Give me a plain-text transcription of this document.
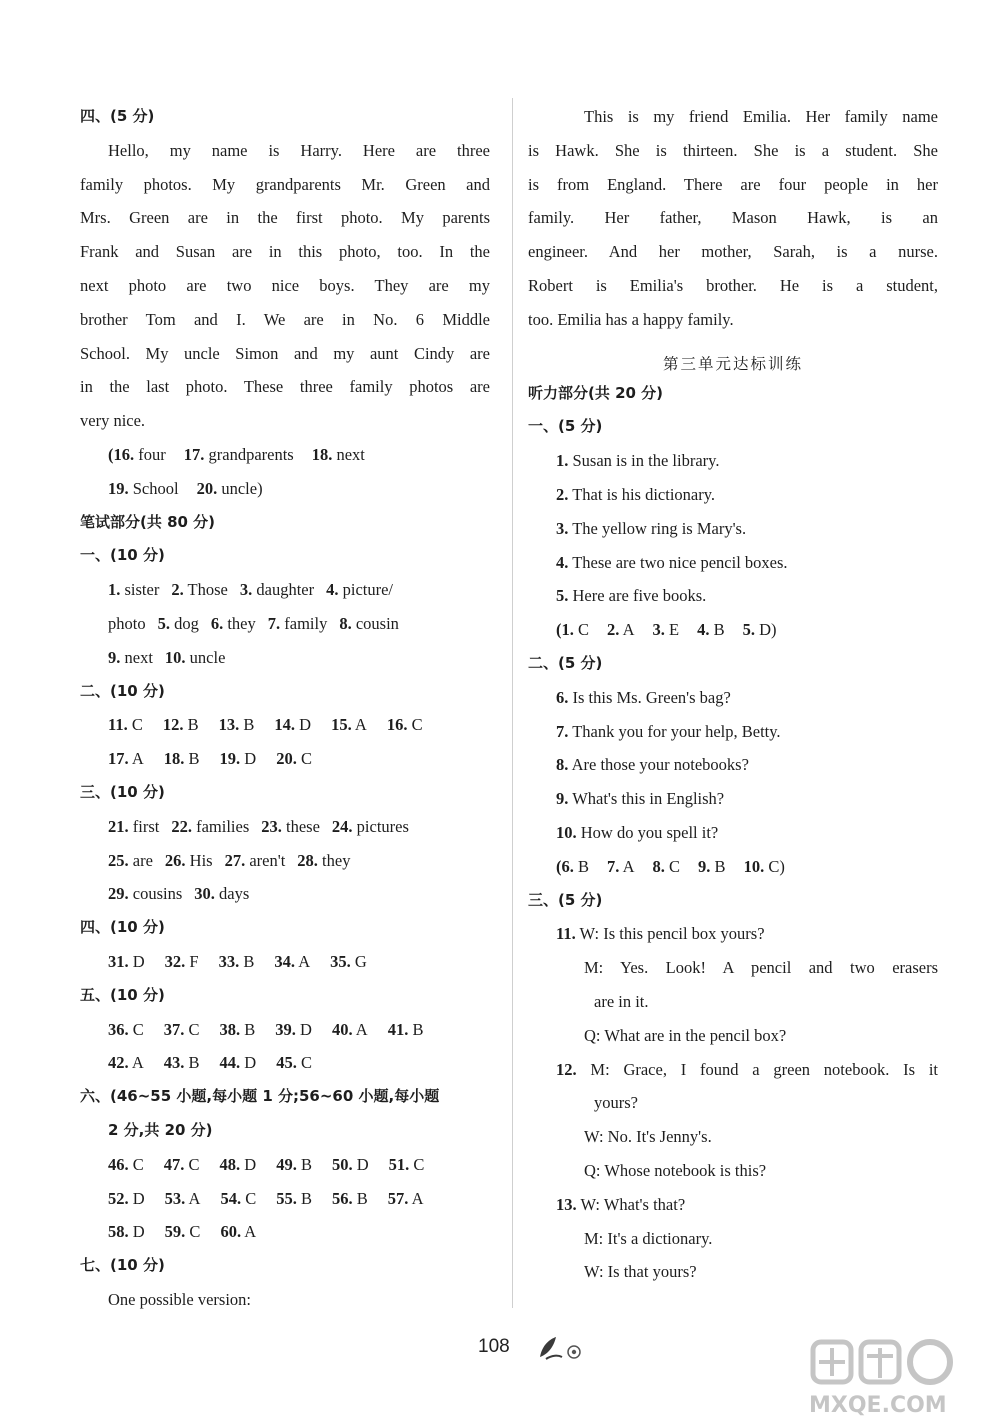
四、(5 分)
Hello, my name is Harry. Here are three
family photos. My grandparents Mr. Green and
Mrs. Green are in the first photo. My parents
Frank and Susan are in this photo, too. In the
next photo are two nice boys. They are my
brother Tom and I. We are in No. 6 Middle
School. My uncle Simon and my aunt Cindy are
in the last photo. These three family photos are
very nice.
(16. four 17. grandparents 18. next
19. School 20. uncle)
笔试部分(共 80 分)
一、(10 分)
1. sister 2. Those 3. daughter 4. picture/
photo 5. dog 6. they 7. family 8. cousin
9. next 10. uncle
二、(10 分)
11. C 12. B 13. B 14. D 15. A 16. C
17. A 18. B 19. D 20. C
三、(10 分)
21. first 22. families 23. these 24. pictures
25. are 26. His 27. aren't 28. they
29. cousins 30. days
四、(10 分)
31. D 32. F 33. B 34. A 35. G
五、(10 分)
36. C 37. C 38. B 39. D 40. A 41. B
42. A 43. B 44. D 45. C
六、(46~55 小题,每小题 1 分;56~60 小题,每小题
2 分,共 20 分)
46. C 47. C 48. D 49. B 50. D 51. C
52. D 53. A 54. C 55. B 56. B 57. A
58. D 59. C 60. A
七、(10 分)
One possible version:
This is my friend Emilia. Her family name
is Hawk. She is thirteen. She is a student. She
is from England. There are four people in her
family. Her father, Mason Hawk, is an
engineer. And her mother, Sarah, is a nurse.
Robert is Emilia's brother. He is a student,
too. Emilia has a happy family.
第三单元达标训练
听力部分(共 20 分)
一、(5 分)
1. Susan is in the library.
2. That is his dictionary.
3. The yellow ring is Mary's.
4. These are two nice pencil boxes.
5. Here are five books.
(1. C 2. A 3. E 4. B 5. D)
二、(5 分)
6. Is this Ms. Green's bag?
7. Thank you for your help, Betty.
8. Are those your notebooks?
9. What's this in English?
10. How do you spell it?
(6. B 7. A 8. C 9. B 10. C)
三、(5 分)
11. W: Is this pencil box yours?
M: Yes. Look! A pencil and two erasers
are in it.
Q: What are in the pencil box?
12. M: Grace, I found a green notebook. Is it
yours?
W: No. It's Jenny's.
Q: Whose notebook is this?
13. W: What's that?
M: It's a dictionary.
W: Is that yours?
108
MXQE.COM
